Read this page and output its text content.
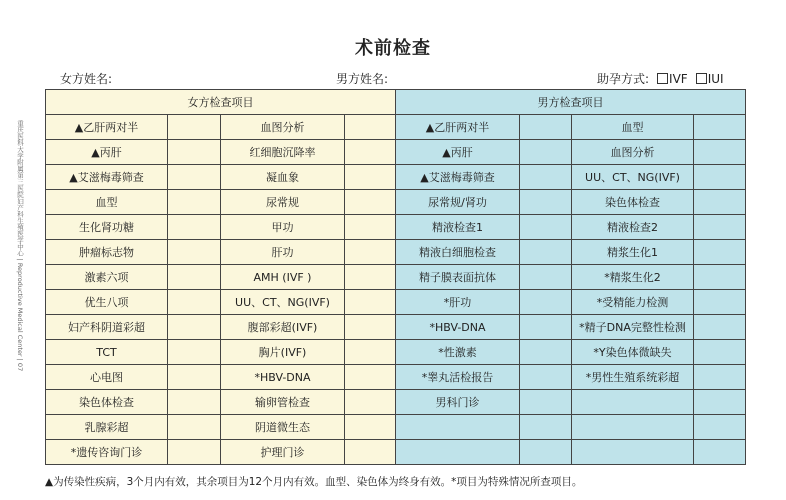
术前检查
女方姓名:	男方姓名:	助孕方式: IVF IUI
重庆医科大学附属第三医院妇产科生殖医学中心 | Reproductive Medical Center | 07
女方检查项目				男方检查项目			
▲乙肝两对半		血图分析		▲乙肝两对半		血型	
▲丙肝		红细胞沉降率		▲丙肝		血图分析	
▲艾滋梅毒筛查		凝血象		▲艾滋梅毒筛查		UU、CT、NG(IVF)	
血型		尿常规		尿常规/肾功		染色体检查	
生化肾功糖		甲功		精液检查1		精液检查2	
肿瘤标志物		肝功		精液白细胞检查		精浆生化1	
激素六项		AMH (IVF )		精子膜表面抗体		*精浆生化2	
优生八项		UU、CT、NG(IVF)		*肝功		*受精能力检测	
妇产科阴道彩超		腹部彩超(IVF)		*HBV-DNA		*精子DNA完整性检测	
TCT		胸片(IVF)		*性激素		*Y染色体微缺失	
心电图		*HBV-DNA		*睾丸活检报告		*男性生殖系统彩超	
染色体检查		输卵管检查		男科门诊			
乳腺彩超		阴道微生态					
*遗传咨询门诊		护理门诊					
▲为传染性疾病，3个月内有效，其余项目为12个月内有效。血型、染色体为终身有效。*项目为特殊情况所查项目。
